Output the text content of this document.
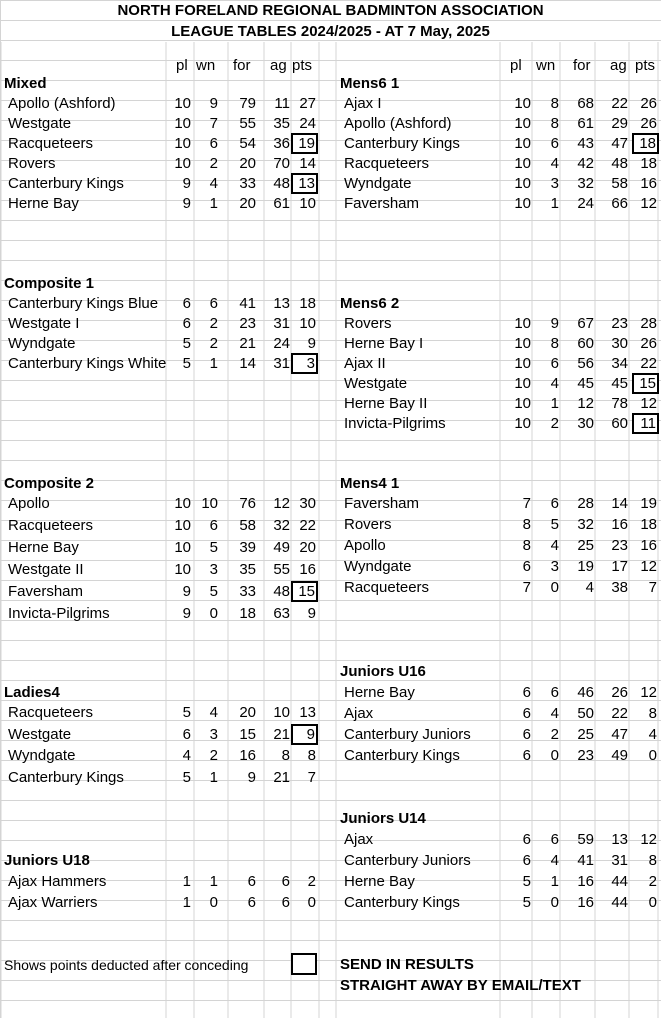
NORTH FORELAND REGIONAL BADMINTON ASSOCIATION
LEAGUE TABLES 2024/2025 - AT 7 May, 2025
pl wn for ag pts	pl wn for ag pts
Mixed
Apollo (Ashford)	10	9	79	11 27
Westgate	10	7	55	35 24
Racqueteers	10	6	54	36 19
Rovers	10	2	20	70 14
Canterbury Kings	9	4	33	48 13
Herne Bay	9	1	20	61 10
Composite 1
Canterbury Kings Blue	6	6	41	13 18
Westgate I	6	2	23	31 10
Wyndgate	5	2	21	24	9
Canterbury Kings White	5	1	14	31	3
Composite 2
Apollo	10 10	76	12 30
Racqueteers	10	6	58	32 22
Herne Bay	10	5	39	49 20
Westgate II	10	3	35	55 16
Faversham	9	5	33	48 15
Invicta-Pilgrims	9	0	18	63	9
Ladies4
Racqueteers	5	4	20	10 13
Westgate	6	3	15	21	9
Wyndgate	4	2	16	8	8
Canterbury Kings	5	1	9	21	7
Juniors U18
Ajax Hammers	1	1	6	6	2
Ajax Warriers	1	0	6	6	0
Mens6 1
Ajax I	10	8	68	22 26
Apollo (Ashford)	10	8	61	29 26
Canterbury Kings	10	6	43	47 18
Racqueteers	10	4	42	48 18
Wyndgate	10	3	32	58 16
Faversham	10	1	24	66 12
Mens6 2
Rovers	10	9	67	23 28
Herne Bay I	10	8	60	30 26
Ajax II	10	6	56	34 22
Westgate	10	4	45	45 15
Herne Bay II	10	1	12	78 12
Invicta-Pilgrims	10	2	30	60 11
Mens4 1
Faversham	7	6	28	14 19
Rovers	8	5	32	16 18
Apollo	8	4	25	23 16
Wyndgate	6	3	19	17 12
Racqueteers	7	0	4	38	7
Juniors U16
Herne Bay	6	6	46	26 12
Ajax	6	4	50	22	8
Canterbury Juniors	6	2	25	47	4
Canterbury Kings	6	0	23	49	0
Juniors U14
Ajax	6	6	59	13 12
Canterbury Juniors	6	4	41	31	8
Herne Bay	5	1	16	44	2
Canterbury Kings	5	0	16	44	0
Shows points deducted after conceding	SEND IN RESULTS
STRAIGHT AWAY BY EMAIL/TEXT
